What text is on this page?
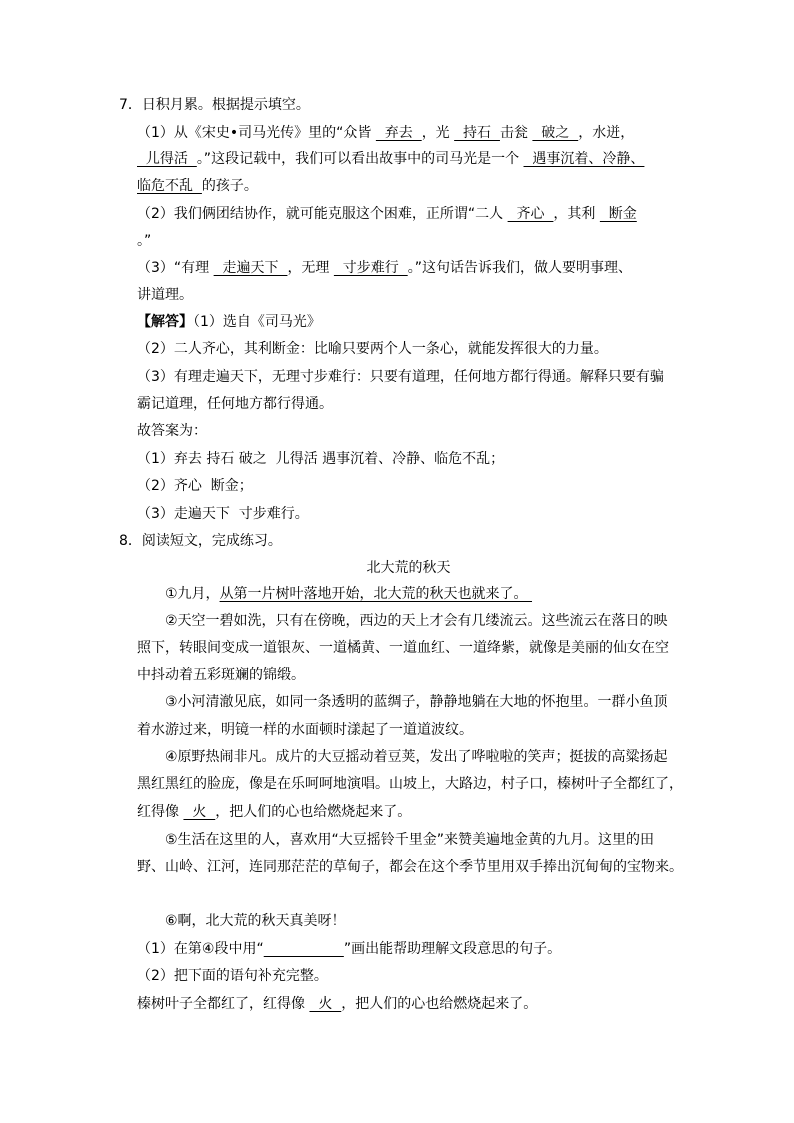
7．日积月累。根据提示填空。
（1）从《宋史•司马光传》里的“众皆   弃去  ，光   持石  击瓮   破之  ，水迸，
儿得活  。”这段记载中，我们可以看出故事中的司马光是一个   遇事沉着、冷静、
临危不乱  的孩子。
（2）我们俩团结协作，就可能克服这个困难，正所谓“二人   齐心  ，其利   断金
。”
（3）“有理   走遍天下  ，无理   寸步难行  。”这句话告诉我们，做人要明事理、
讲道理。
【解答】（1）选自《司马光》
（2）二人齐心，其利断金：比喻只要两个人一条心，就能发挥很大的力量。
（3）有理走遍天下，无理寸步难行：只要有道理，任何地方都行得通。解释只要有骗
霸记道理，任何地方都行得通。
故答案为：
（1）弃去 持石 破之  儿得活 遇事沉着、冷静、临危不乱；
（2）齐心  断金；
（3）走遍天下  寸步难行。
8．阅读短文，完成练习。
北大荒的秋天
①九月，从第一片树叶落地开始，北大荒的秋天也就来了。
②天空一碧如洗，只有在傍晚，西边的天上才会有几缕流云。这些流云在落日的映
照下，转眼间变成一道银灰、一道橘黄、一道血红、一道绛紫，就像是美丽的仙女在空
中抖动着五彩斑斓的锦缎。
③小河清澈见底，如同一条透明的蓝绸子，静静地躺在大地的怀抱里。一群小鱼顶
着水游过来，明镜一样的水面顿时漾起了一道道波纹。
④原野热闹非凡。成片的大豆摇动着豆荚，发出了哗啦啦的笑声；挺拔的高粱扬起
黑红黑红的脸庞，像是在乐呵呵地演唱。山坡上，大路边，村子口，榛树叶子全都红了，
红得像   火  ，把人们的心也给燃烧起来了。
⑤生活在这里的人，喜欢用“大豆摇铃千里金”来赞美遍地金黄的九月。这里的田
野、山岭、江河，连同那茫茫的草甸子，都会在这个季节里用双手捧出沉甸甸的宝物来。
⑥啊，北大荒的秋天真美呀！
（1）在第④段中用“	”画出能帮助理解文段意思的句子。
（2）把下面的语句补充完整。
榛树叶子全都红了，红得像   火  ，把人们的心也给燃烧起来了。
